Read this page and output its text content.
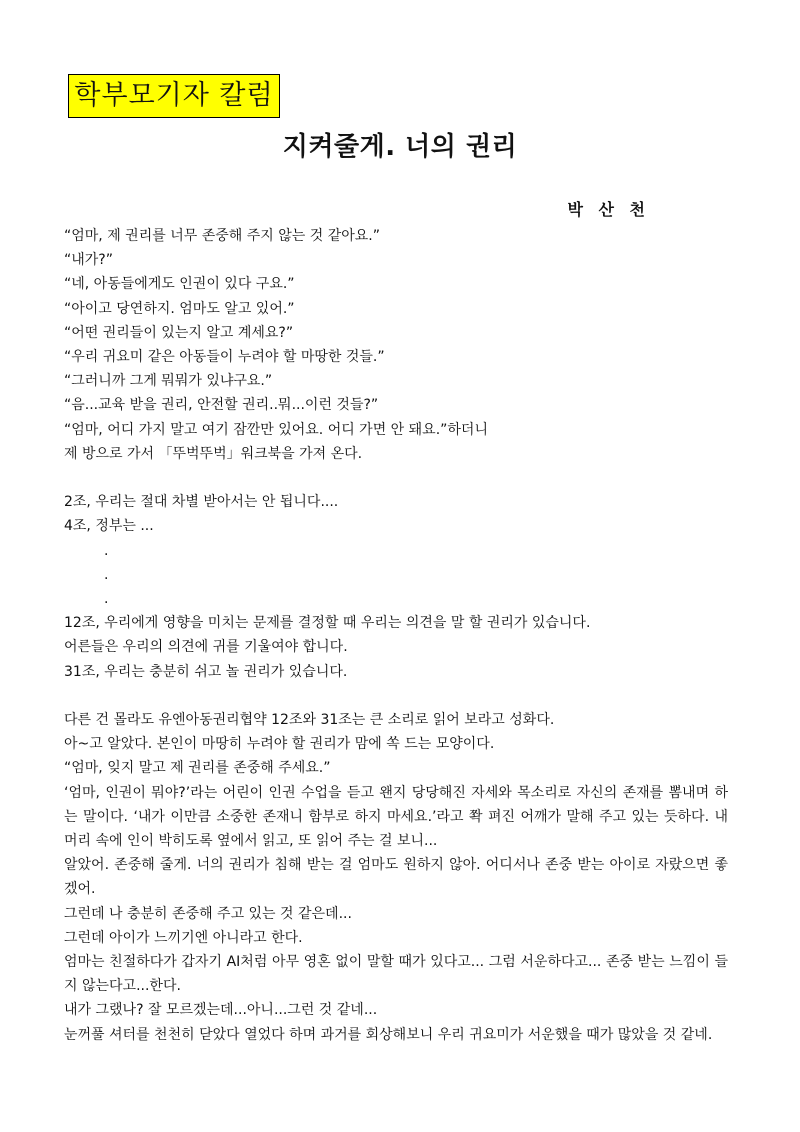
학부모기자 칼럼
지켜줄게. 너의 권리
박 산 천

“엄마, 제 권리를 너무 존중해 주지 않는 것 같아요.”

“내가?”

“네, 아동들에게도 인권이 있다 구요.”

“아이고 당연하지. 엄마도 알고 있어.”

“어떤 권리들이 있는지 알고 계세요?”

“우리 귀요미 같은 아동들이 누려야 할 마땅한 것들.”

“그러니까 그게 뭐뭐가 있냐구요.”

“음...교육 받을 권리, 안전할 권리..뭐...이런 것들?”

“엄마, 어디 가지 말고 여기 잠깐만 있어요. 어디 가면 안 돼요.”하더니

제 방으로 가서 「뚜벅뚜벅」워크북을 가져 온다.

2조, 우리는 절대 차별 받아서는 안 됩니다....

4조, 정부는 ...

.

.

.

12조, 우리에게 영향을 미치는 문제를 결정할 때 우리는 의견을 말 할 권리가 있습니다.

어른들은 우리의 의견에 귀를 기울여야 합니다.

31조, 우리는 충분히 쉬고 놀 권리가 있습니다.

다른 건 몰라도 유엔아동권리협약 12조와 31조는 큰 소리로 읽어 보라고 성화다.

아~고 알았다. 본인이 마땅히 누려야 할 권리가 맘에 쏙 드는 모양이다.

“엄마, 잊지 말고 제 권리를 존중해 주세요.”

‘엄마, 인권이 뭐야?’라는 어린이 인권 수업을 듣고 왠지 당당해진 자세와 목소리로 자신의 존재를 뽐내며 하는 말이다. ‘내가 이만큼 소중한 존재니 함부로 하지 마세요.’라고 쫙 펴진 어깨가 말해 주고 있는 듯하다. 내 머리 속에 인이 박히도록 옆에서 읽고, 또 읽어 주는 걸 보니...

알았어. 존중해 줄게. 너의 권리가 침해 받는 걸 엄마도 원하지 않아. 어디서나 존중 받는 아이로 자랐으면 좋겠어.

그런데 나 충분히 존중해 주고 있는 것 같은데...

그런데 아이가 느끼기엔 아니라고 한다.

엄마는 친절하다가 갑자기 AI처럼 아무 영혼 없이 말할 때가 있다고... 그럼 서운하다고... 존중 받는 느낌이 들지 않는다고...한다.

내가 그랬나? 잘 모르겠는데...아니...그런 것 같네...

눈꺼풀 셔터를 천천히 닫았다 열었다 하며 과거를 회상해보니 우리 귀요미가 서운했을 때가 많았을 것 같네.
